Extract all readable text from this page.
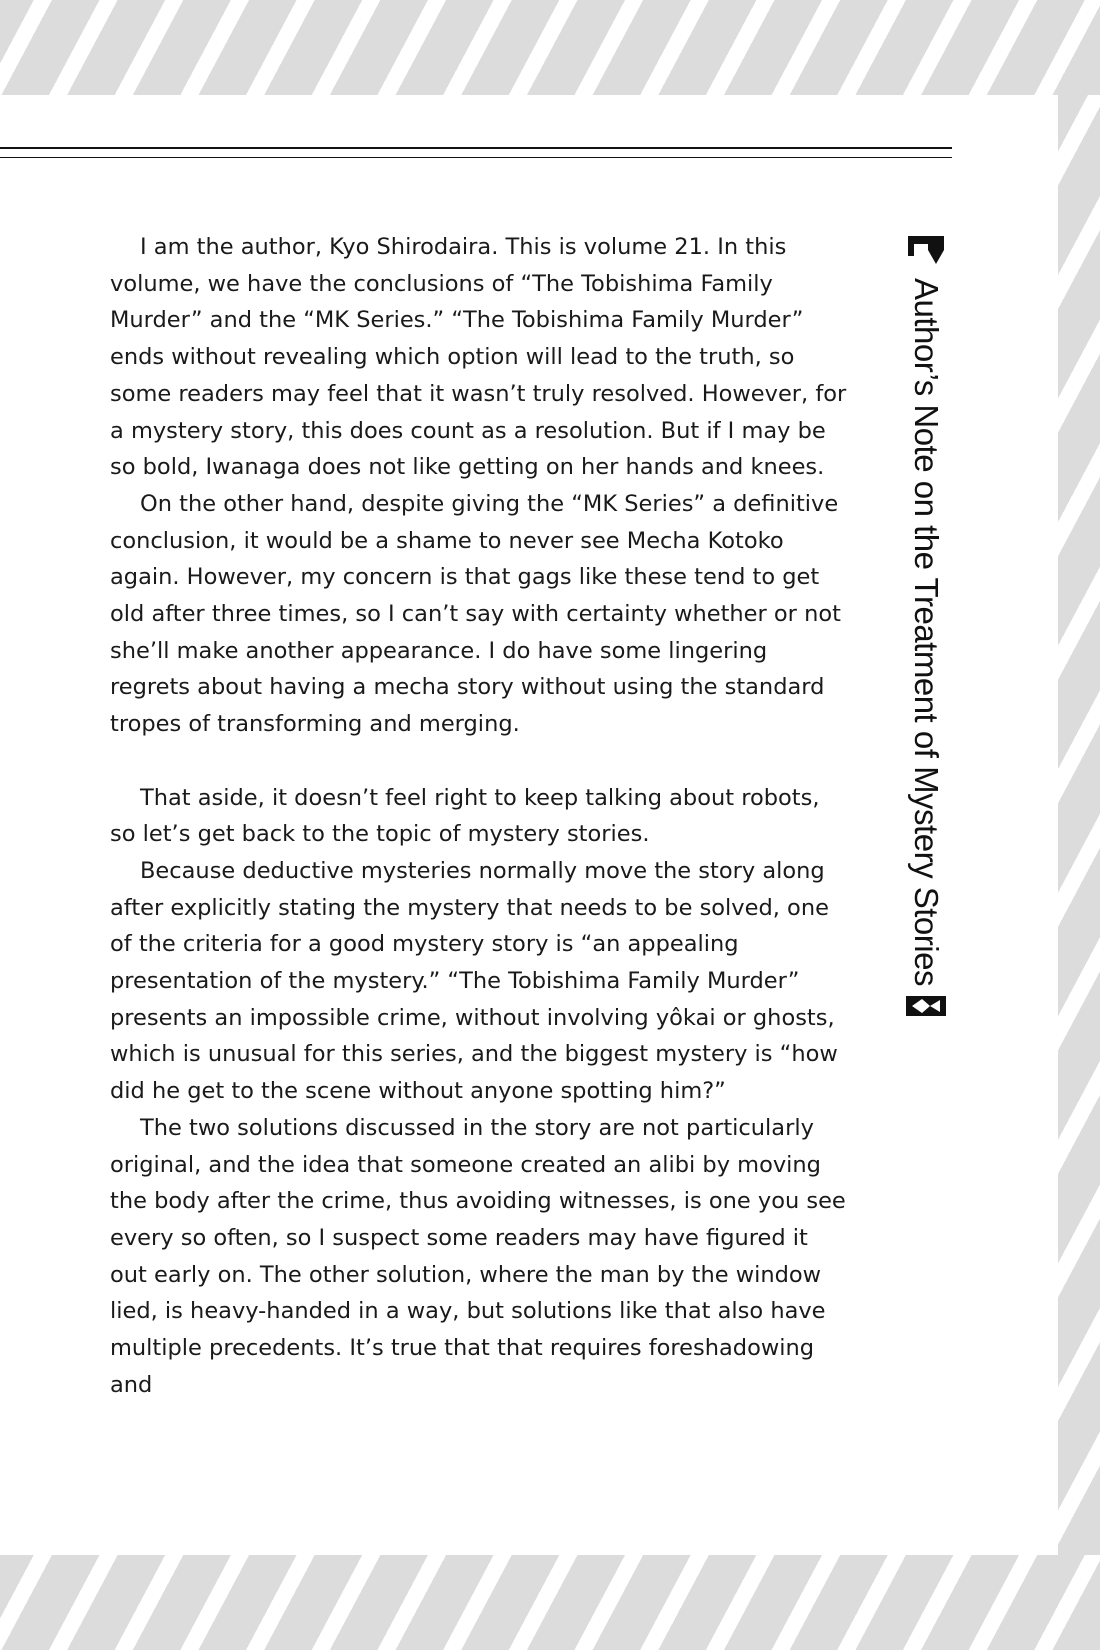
I am the author, Kyo Shirodaira. This is volume 21. In this volume, we have the conclusions of “The Tobishima Family Murder” and the “MK Series.” “The Tobishima Family Murder” ends without revealing which option will lead to the truth, so some readers may feel that it wasn’t truly resolved. However, for a mystery story, this does count as a resolution. But if I may be so bold, Iwanaga does not like getting on her hands and knees.

On the other hand, despite giving the “MK Series” a definitive conclusion, it would be a shame to never see Mecha Kotoko again. However, my concern is that gags like these tend to get old after three times, so I can’t say with certainty whether or not she’ll make another appearance. I do have some lingering regrets about having a mecha story without using the standard tropes of transforming and merging.

That aside, it doesn’t feel right to keep talking about robots, so let’s get back to the topic of mystery stories.

Because deductive mysteries normally move the story along after explicitly stating the mystery that needs to be solved, one of the criteria for a good mystery story is “an appealing presentation of the mystery.” “The Tobishima Family Murder” presents an impossible crime, without involving yôkai or ghosts, which is unusual for this series, and the biggest mystery is “how did he get to the scene without anyone spotting him?”

The two solutions discussed in the story are not particularly original, and the idea that someone created an alibi by moving the body after the crime, thus avoiding witnesses, is one you see every so often, so I suspect some readers may have figured it out early on. The other solution, where the man by the window lied, is heavy-handed in a way, but solutions like that also have multiple precedents. It’s true that that requires foreshadowing and

Author’s Note on the Treatment of Mystery Stories
